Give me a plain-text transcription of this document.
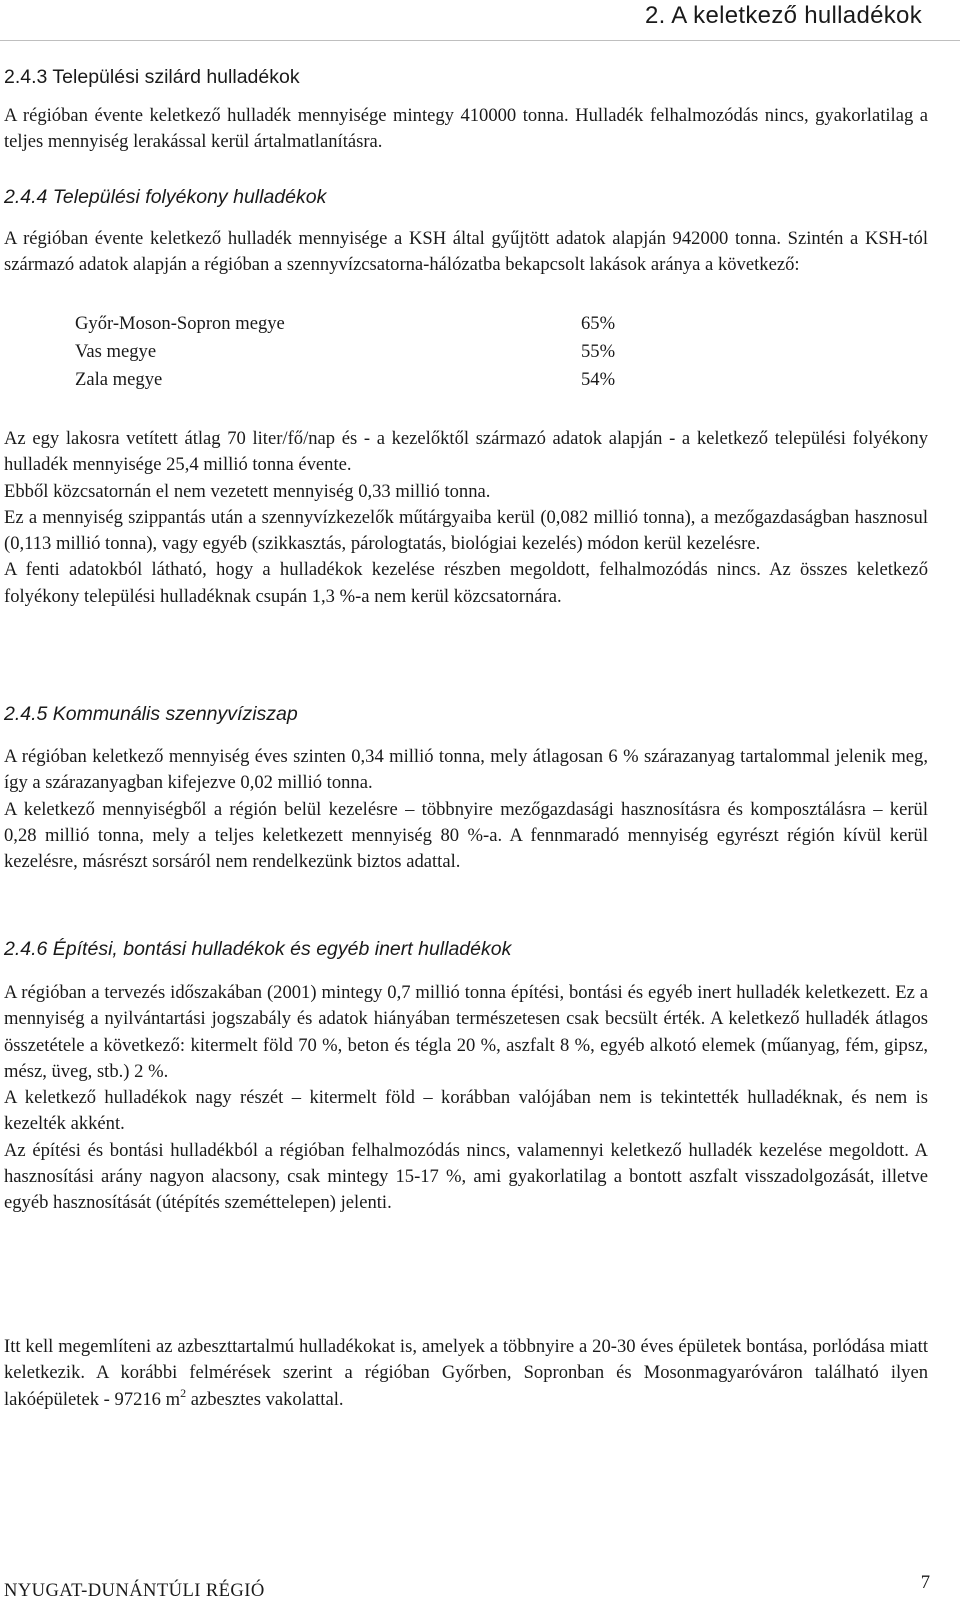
2. A keletkező hulladékok
2.4.3 Települési szilárd hulladékok

A régióban évente keletkező hulladék mennyisége mintegy 410000 tonna. Hulladék felhalmozódás nincs, gyakorlatilag a teljes mennyiség lerakással kerül ártalmatlanításra.

2.4.4 Települési folyékony hulladékok

A régióban évente keletkező hulladék mennyisége a KSH által gyűjtött adatok alapján 942000 tonna. Szintén a KSH-tól származó adatok alapján a régióban a szennyvízcsatorna-hálózatba bekapcsolt lakások aránya a következő:

Győr-Moson-Sopron megye	65%
Vas megye	55%
Zala megye	54%

Az egy lakosra vetített átlag 70 liter/fő/nap és - a kezelőktől származó adatok alapján - a keletkező települési folyékony hulladék mennyisége 25,4 millió tonna évente.

Ebből közcsatornán el nem vezetett mennyiség 0,33 millió tonna.

Ez a mennyiség szippantás után a szennyvízkezelők műtárgyaiba kerül (0,082 millió tonna), a mezőgazdaságban hasznosul (0,113 millió tonna), vagy egyéb (szikkasztás, párologtatás, biológiai kezelés) módon kerül kezelésre.

A fenti adatokból látható, hogy a hulladékok kezelése részben megoldott, felhalmozódás nincs. Az összes keletkező folyékony települési hulladéknak csupán 1,3 %-a nem kerül közcsatornára.

2.4.5 Kommunális szennyvíziszap

A régióban keletkező mennyiség éves szinten 0,34 millió tonna, mely átlagosan 6 % szárazanyag tartalommal jelenik meg, így a szárazanyagban kifejezve 0,02 millió tonna.

A keletkező mennyiségből a régión belül kezelésre – többnyire mezőgazdasági hasznosításra és komposztálásra – kerül 0,28 millió tonna, mely a teljes keletkezett mennyiség 80 %-a. A fennmaradó mennyiség egyrészt régión kívül kerül kezelésre, másrészt sorsáról nem rendelkezünk biztos adattal.

2.4.6 Építési, bontási hulladékok és egyéb inert hulladékok

A régióban a tervezés időszakában (2001) mintegy 0,7 millió tonna építési, bontási és egyéb inert hulladék keletkezett. Ez a mennyiség a nyilvántartási jogszabály és adatok hiányában természetesen csak becsült érték. A keletkező hulladék átlagos összetétele a következő: kitermelt föld 70 %, beton és tégla 20 %, aszfalt 8 %, egyéb alkotó elemek (műanyag, fém, gipsz, mész, üveg, stb.) 2 %.

A keletkező hulladékok nagy részét – kitermelt föld – korábban valójában nem is tekintették hulladéknak, és nem is kezelték akként.

Az építési és bontási hulladékból a régióban felhalmozódás nincs, valamennyi keletkező hulladék kezelése megoldott. A hasznosítási arány nagyon alacsony, csak mintegy 15-17 %, ami gyakorlatilag a bontott aszfalt visszadolgozását, illetve egyéb hasznosítását (útépítés szeméttelepen) jelenti.

Itt kell megemlíteni az azbeszttartalmú hulladékokat is, amelyek a többnyire a 20-30 éves épületek bontása, porlódása miatt keletkezik. A korábbi felmérések szerint a régióban Győrben, Sopronban és Mosonmagyaróváron található ilyen lakóépületek - 97216 $m^2$ azbesztes vakolattal.

NYUGAT-DUNÁNTÚLI RÉGIÓ	7
